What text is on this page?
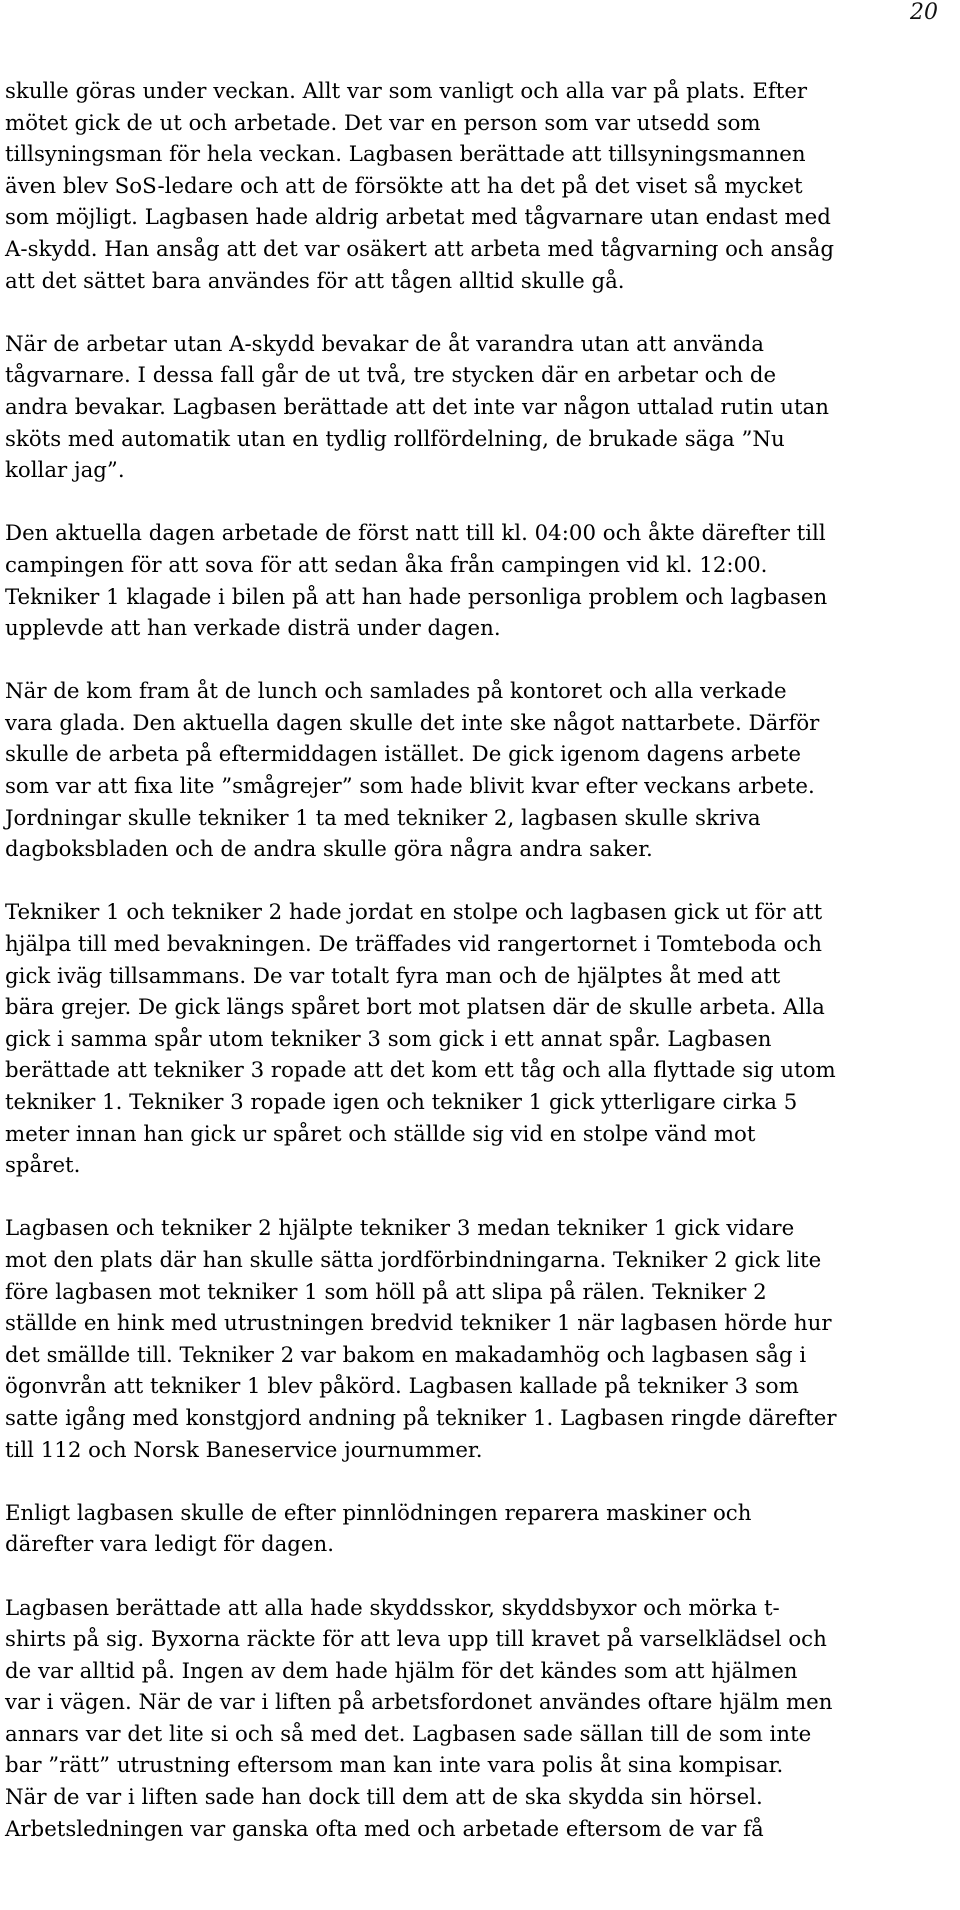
20

skulle göras under veckan. Allt var som vanligt och alla var på plats. Efter
mötet gick de ut och arbetade. Det var en person som var utsedd som
tillsyningsman för hela veckan. Lagbasen berättade att tillsyningsmannen
även blev SoS-ledare och att de försökte att ha det på det viset så mycket
som möjligt. Lagbasen hade aldrig arbetat med tågvarnare utan endast med
A-skydd. Han ansåg att det var osäkert att arbeta med tågvarning och ansåg
att det sättet bara användes för att tågen alltid skulle gå.

När de arbetar utan A-skydd bevakar de åt varandra utan att använda
tågvarnare. I dessa fall går de ut två, tre stycken där en arbetar och de
andra bevakar. Lagbasen berättade att det inte var någon uttalad rutin utan
sköts med automatik utan en tydlig rollfördelning, de brukade säga ”Nu
kollar jag”.

Den aktuella dagen arbetade de först natt till kl. 04:00 och åkte därefter till
campingen för att sova för att sedan åka från campingen vid kl. 12:00.
Tekniker 1 klagade i bilen på att han hade personliga problem och lagbasen
upplevde att han verkade disträ under dagen.

När de kom fram åt de lunch och samlades på kontoret och alla verkade
vara glada. Den aktuella dagen skulle det inte ske något nattarbete. Därför
skulle de arbeta på eftermiddagen istället. De gick igenom dagens arbete
som var att fixa lite ”smågrejer” som hade blivit kvar efter veckans arbete.
Jordningar skulle tekniker 1 ta med tekniker 2, lagbasen skulle skriva
dagboksbladen och de andra skulle göra några andra saker.

Tekniker 1 och tekniker 2 hade jordat en stolpe och lagbasen gick ut för att
hjälpa till med bevakningen. De träffades vid rangertornet i Tomteboda och
gick iväg tillsammans. De var totalt fyra man och de hjälptes åt med att
bära grejer. De gick längs spåret bort mot platsen där de skulle arbeta. Alla
gick i samma spår utom tekniker 3 som gick i ett annat spår. Lagbasen
berättade att tekniker 3 ropade att det kom ett tåg och alla flyttade sig utom
tekniker 1. Tekniker 3 ropade igen och tekniker 1 gick ytterligare cirka 5
meter innan han gick ur spåret och ställde sig vid en stolpe vänd mot
spåret.

Lagbasen och tekniker 2 hjälpte tekniker 3 medan tekniker 1 gick vidare
mot den plats där han skulle sätta jordförbindningarna. Tekniker 2 gick lite
före lagbasen mot tekniker 1 som höll på att slipa på rälen. Tekniker 2
ställde en hink med utrustningen bredvid tekniker 1 när lagbasen hörde hur
det smällde till. Tekniker 2 var bakom en makadamhög och lagbasen såg i
ögonvrån att tekniker 1 blev påkörd. Lagbasen kallade på tekniker 3 som
satte igång med konstgjord andning på tekniker 1. Lagbasen ringde därefter
till 112 och Norsk Baneservice journummer.

Enligt lagbasen skulle de efter pinnlödningen reparera maskiner och
därefter vara ledigt för dagen.

Lagbasen berättade att alla hade skyddsskor, skyddsbyxor och mörka t-
shirts på sig. Byxorna räckte för att leva upp till kravet på varselklädsel och
de var alltid på. Ingen av dem hade hjälm för det kändes som att hjälmen
var i vägen. När de var i liften på arbetsfordonet användes oftare hjälm men
annars var det lite si och så med det. Lagbasen sade sällan till de som inte
bar ”rätt” utrustning eftersom man kan inte vara polis åt sina kompisar.
När de var i liften sade han dock till dem att de ska skydda sin hörsel.
Arbetsledningen var ganska ofta med och arbetade eftersom de var få
